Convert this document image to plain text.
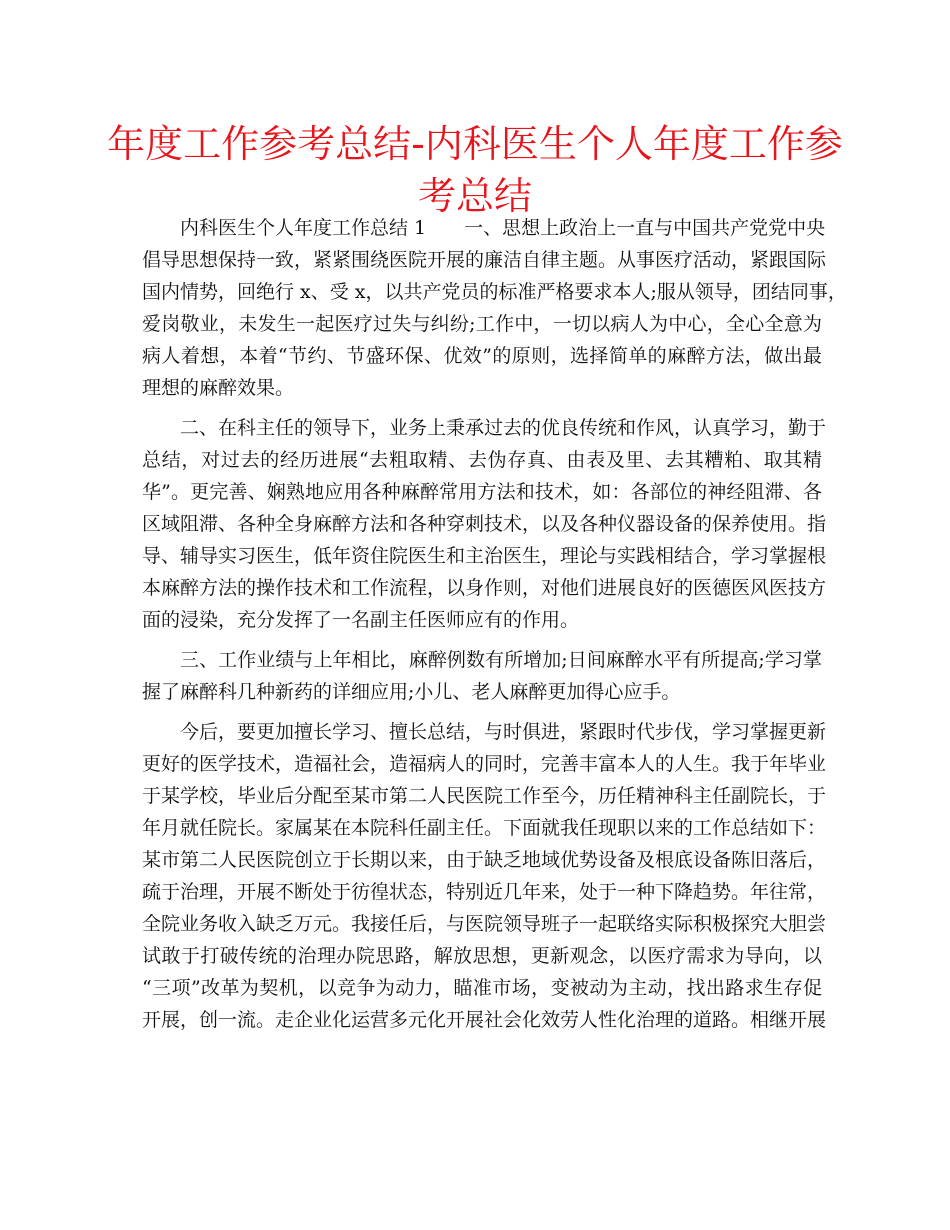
年度工作参考总结-内科医生个人年度工作参考总结
内科医生个人年度工作总结 1　　一、思想上政治上一直与中国共产党党中央
倡导思想保持一致，紧紧围绕医院开展的廉洁自律主题。从事医疗活动，紧跟国际
国内情势，回绝行 x、受 x，以共产党员的标准严格要求本人;服从领导，团结同事，
爱岗敬业，未发生一起医疗过失与纠纷;工作中，一切以病人为中心，全心全意为
病人着想，本着“节约、节盛环保、优效”的原则，选择简单的麻醉方法，做出最
理想的麻醉效果。
二、在科主任的领导下，业务上秉承过去的优良传统和作风，认真学习，勤于
总结，对过去的经历进展“去粗取精、去伪存真、由表及里、去其糟粕、取其精
华”。更完善、娴熟地应用各种麻醉常用方法和技术，如：各部位的神经阻滞、各
区域阻滞、各种全身麻醉方法和各种穿刺技术，以及各种仪器设备的保养使用。指
导、辅导实习医生，低年资住院医生和主治医生，理论与实践相结合，学习掌握根
本麻醉方法的操作技术和工作流程，以身作则，对他们进展良好的医德医风医技方
面的浸染，充分发挥了一名副主任医师应有的作用。
三、工作业绩与上年相比，麻醉例数有所增加;日间麻醉水平有所提高;学习掌
握了麻醉科几种新药的详细应用;小儿、老人麻醉更加得心应手。
今后，要更加擅长学习、擅长总结，与时俱进，紧跟时代步伐，学习掌握更新
更好的医学技术，造福社会，造福病人的同时，完善丰富本人的人生。我于年毕业
于某学校，毕业后分配至某市第二人民医院工作至今，历任精神科主任副院长，于
年月就任院长。家属某在本院科任副主任。下面就我任现职以来的工作总结如下：
某市第二人民医院创立于长期以来，由于缺乏地域优势设备及根底设备陈旧落后，
疏于治理，开展不断处于彷徨状态，特别近几年来，处于一种下降趋势。年往常，
全院业务收入缺乏万元。我接任后，与医院领导班子一起联络实际积极探究大胆尝
试敢于打破传统的治理办院思路，解放思想，更新观念，以医疗需求为导向，以
“三项”改革为契机，以竞争为动力，瞄准市场，变被动为主动，找出路求生存促
开展，创一流。走企业化运营多元化开展社会化效劳人性化治理的道路。相继开展
